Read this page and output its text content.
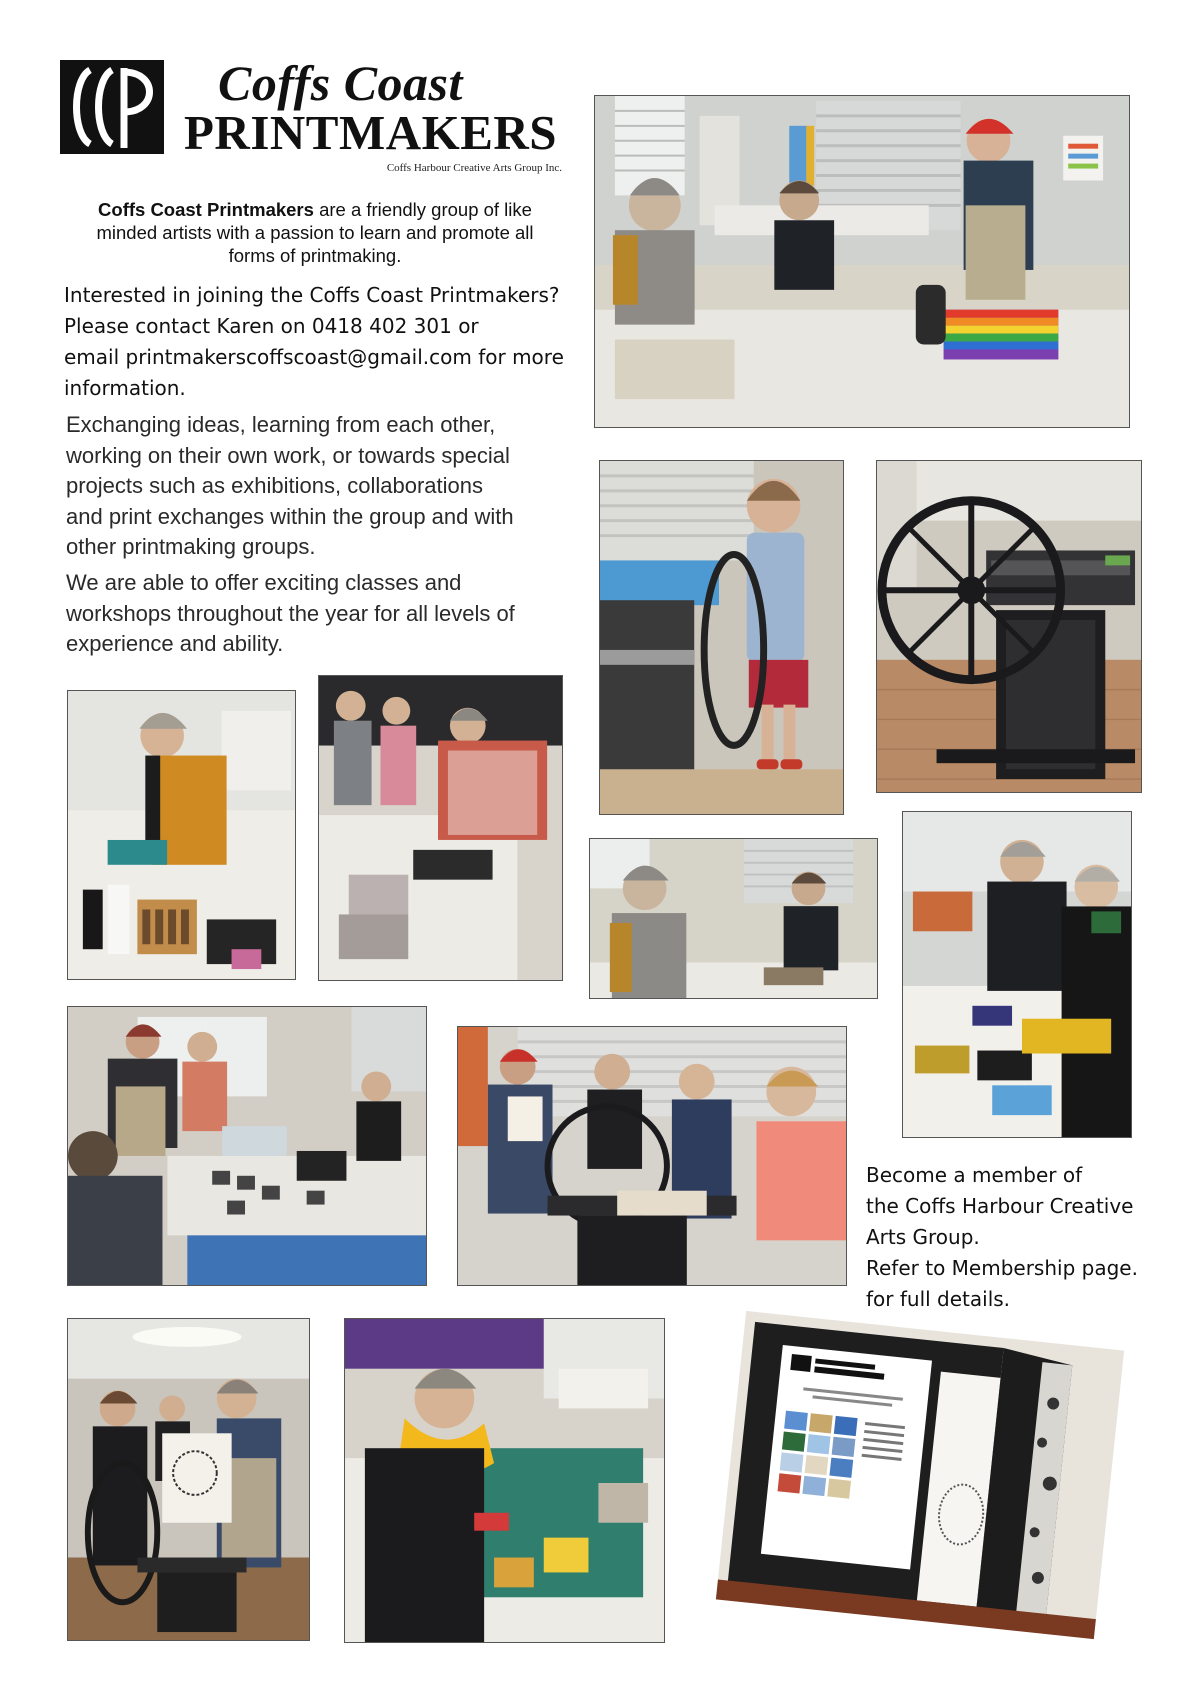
Coffs Coast
PRINTMAKERS
Coffs Harbour Creative Arts Group Inc.
Coffs Coast Printmakers are a friendly group of like minded artists with a passion to learn and promote all forms of printmaking.

Interested in joining the Coffs Coast Printmakers?

Please contact Karen on 0418 402 301 or

email printmakerscoffscoast@gmail.com for more

information.

Exchanging ideas, learning from each other,
working on their own work, or towards special
projects such as exhibitions, collaborations
and print exchanges within the group and with
other printmaking groups.
We are able to offer exciting classes and
workshops throughout the year for all levels of
experience and ability.

Become a member of

the Coffs Harbour Creative

Arts Group.

Refer to Membership page.

for full details.
